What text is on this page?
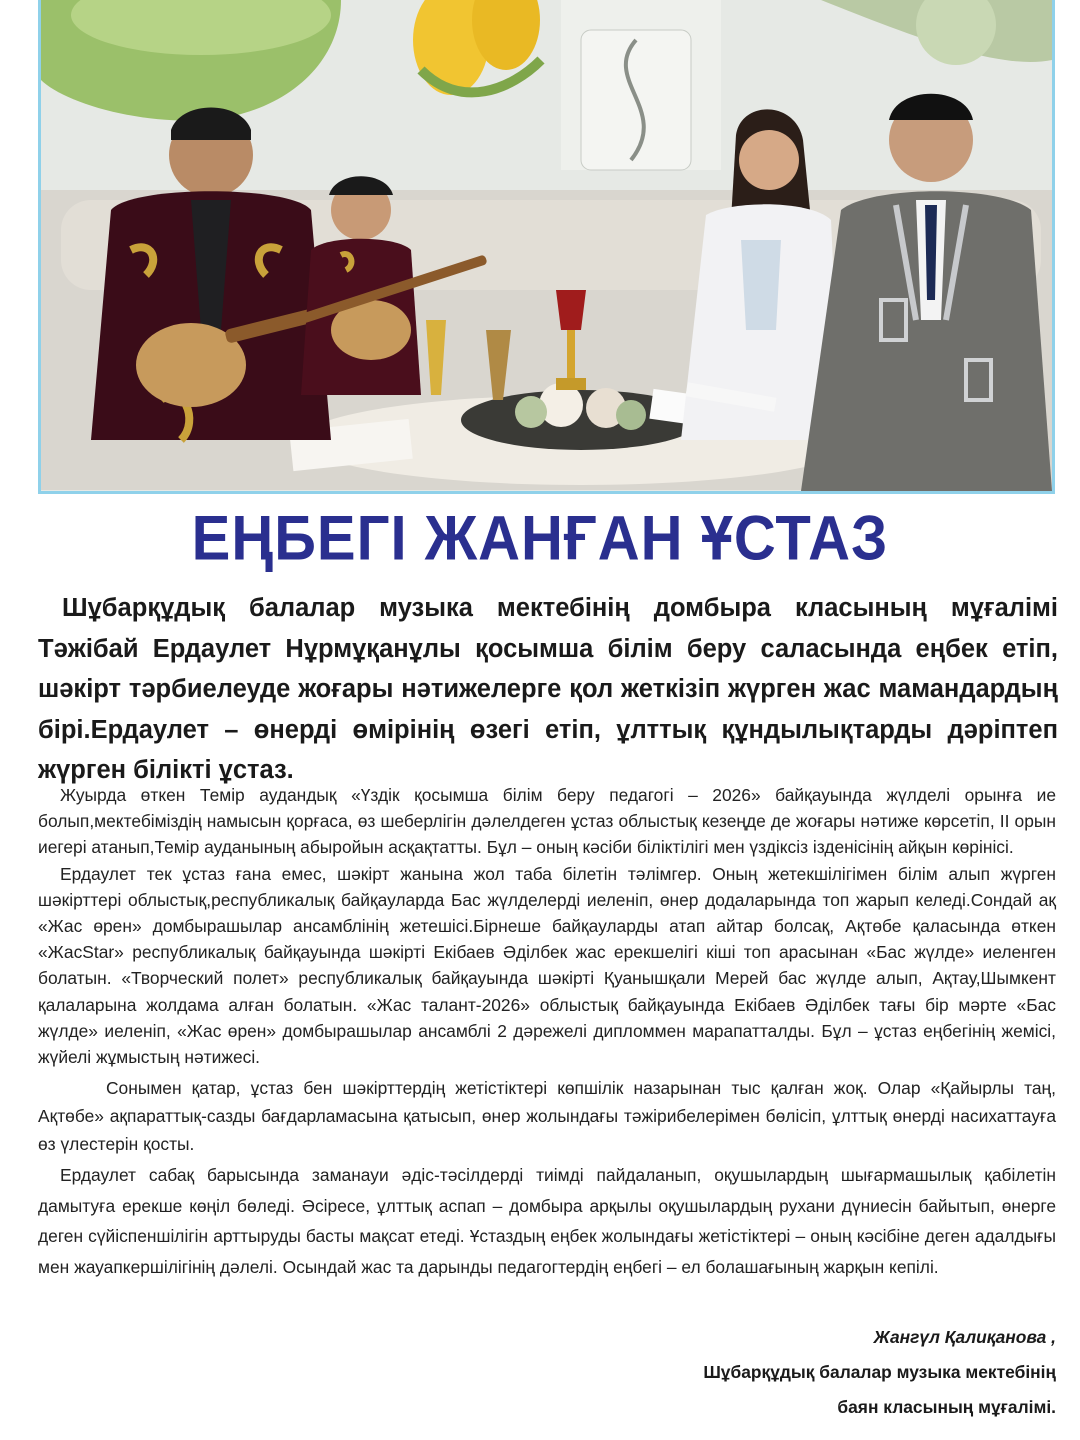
ЕҢБЕГІ ЖАНҒАН ҰСТАЗ
Шұбарқұдық балалар музыка мектебінің домбыра класының мұғалімі Тәжібай Ердаулет Нұрмұқанұлы қосымша білім беру саласында еңбек етіп, шәкірт тәрбиелеуде жоғары нәтижелерге қол жеткізіп жүрген жас мамандардың бірі.Ердаулет – өнерді өмірінің өзегі етіп, ұлттық құндылықтарды дәріптеп жүрген білікті ұстаз.

Жуырда өткен Темір аудандық «Үздік қосымша білім беру педагогі – 2026» байқауында жүлделі орынға ие болып,мектебіміздің намысын қорғаса, өз шеберлігін дәлелдеген ұстаз облыстық кезеңде де жоғары нәтиже көрсетіп, II орын иегері атанып,Темір ауданының абыройын асқақтатты. Бұл – оның кәсіби біліктілігі мен үздіксіз ізденісінің айқын көрінісі.

Ердаулет тек ұстаз ғана емес, шәкірт жанына жол таба білетін тәлімгер. Оның жетекшілігімен білім алып жүрген шәкірттері облыстық,республикалық байқауларда Бас жүлделерді иеленіп, өнер додаларында топ жарып келеді.Сондай ақ «Жас өрен» домбырашылар ансамблінің жетешісі.Бірнеше байқауларды атап айтар болсақ, Ақтөбе қаласында өткен «ЖасStar» республикалық байқауында шәкірті Екібаев Әділбек жас ерекшелігі кіші топ арасынан «Бас жүлде» иеленген болатын. «Творческий полет» республикалық байқауында шәкірті Қуанышқали Мерей бас жүлде алып, Ақтау,Шымкент қалаларына жолдама алған болатын. «Жас талант-2026» облыстық байқауында Екібаев Әділбек тағы бір мәрте «Бас жүлде» иеленіп, «Жас өрен» домбырашылар ансамблі 2 дәрежелі дипломмен марапатталды. Бұл – ұстаз еңбегінің жемісі, жүйелі жұмыстың нәтижесі.

Сонымен қатар, ұстаз бен шәкірттердің жетістіктері көпшілік назарынан тыс қалған жоқ. Олар «Қайырлы таң, Ақтөбе» ақпараттық-сазды бағдарламасына қатысып, өнер жолындағы тәжірибелерімен бөлісіп, ұлттық өнерді насихаттауға өз үлестерін қосты.

Ердаулет сабақ барысында заманауи әдіс-тәсілдерді тиімді пайдаланып, оқушылардың шығармашылық қабілетін дамытуға ерекше көңіл бөледі. Әсіресе, ұлттық аспап – домбыра арқылы оқушылардың рухани дүниесін байытып, өнерге деген сүйіспеншілігін арттыруды басты мақсат етеді. Ұстаздың еңбек жолындағы жетістіктері – оның кәсібіне деген адалдығы мен жауапкершілігінің дәлелі. Осындай жас та дарынды педагогтердің еңбегі – ел болашағының жарқын кепілі.

Жангүл Қалиқанова ,
Шұбарқұдық балалар музыка мектебінің
баян класының мұғалімі.
